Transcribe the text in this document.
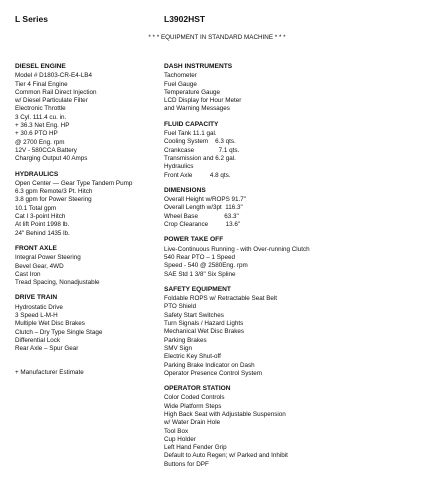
L Series	L3902HST
* * * EQUIPMENT IN STANDARD MACHINE * * *
DIESEL ENGINE
Model # D1803-CR-E4-LB4
Tier 4 Final Engine
Common Rail Direct Injection
w/ Diesel Particulate Filter
Electronic Throttle
3 Cyl. 111.4 cu. in.
+ 36.3 Net Eng. HP
+ 30.6 PTO HP
@ 2700 Eng. rpm
12V - 580CCA Battery
Charging Output 40 Amps
HYDRAULICS
Open Center — Gear Type Tandem Pump
6.3 gpm Remote/3 Pt. Hitch
3.8 gpm for Power Steering
10.1 Total gpm
Cat I 3-point Hitch
At lift Point 1998 lb.
24" Behind 1435 lb.
FRONT AXLE
Integral Power Steering
Bevel Gear, 4WD
Cast Iron
Tread Spacing, Nonadjustable
DRIVE TRAIN
Hydrostatic Drive
3 Speed L-M-H
Multiple Wet Disc Brakes
Clutch – Dry Type Single Stage
Differential Lock
Rear Axle – Spur Gear
+ Manufacturer Estimate
DASH INSTRUMENTS
Tachometer
Fuel Gauge
Temperature Gauge
LCD Display for Hour Meter
and Warning Messages
FLUID CAPACITY
Fuel Tank 11.1 gal.
Cooling System    6.3 qts.
Crankcase              7.1 qts.
Transmission and 6.2 gal.
Hydraulics
Front Axle          4.8 qts.
DIMENSIONS
Overall Height w/ROPS 91.7"
Overall Length w/3pt  116.3"
Wheel Base               63.3"
Crop Clearance          13.6"
POWER TAKE OFF
Live-Continuous Running - with Over-running Clutch
540 Rear PTO – 1 Speed
Speed - 540 @ 2580Eng. rpm
SAE Std 1 3/8" Six Spline
SAFETY EQUIPMENT
Foldable ROPS w/ Retractable Seat Belt
PTO Shield
Safety Start Switches
Turn Signals / Hazard Lights
Mechanical Wet Disc Brakes
Parking Brakes
SMV Sign
Electric Key Shut-off
Parking Brake Indicator on Dash
Operator Presence Control System
OPERATOR STATION
Color Coded Controls
Wide Platform Steps
High Back Seat with Adjustable Suspension
w/ Water Drain Hole
Tool Box
Cup Holder
Left Hand Fender Grip
Default to Auto Regen; w/ Parked and Inhibit
Buttons for DPF
